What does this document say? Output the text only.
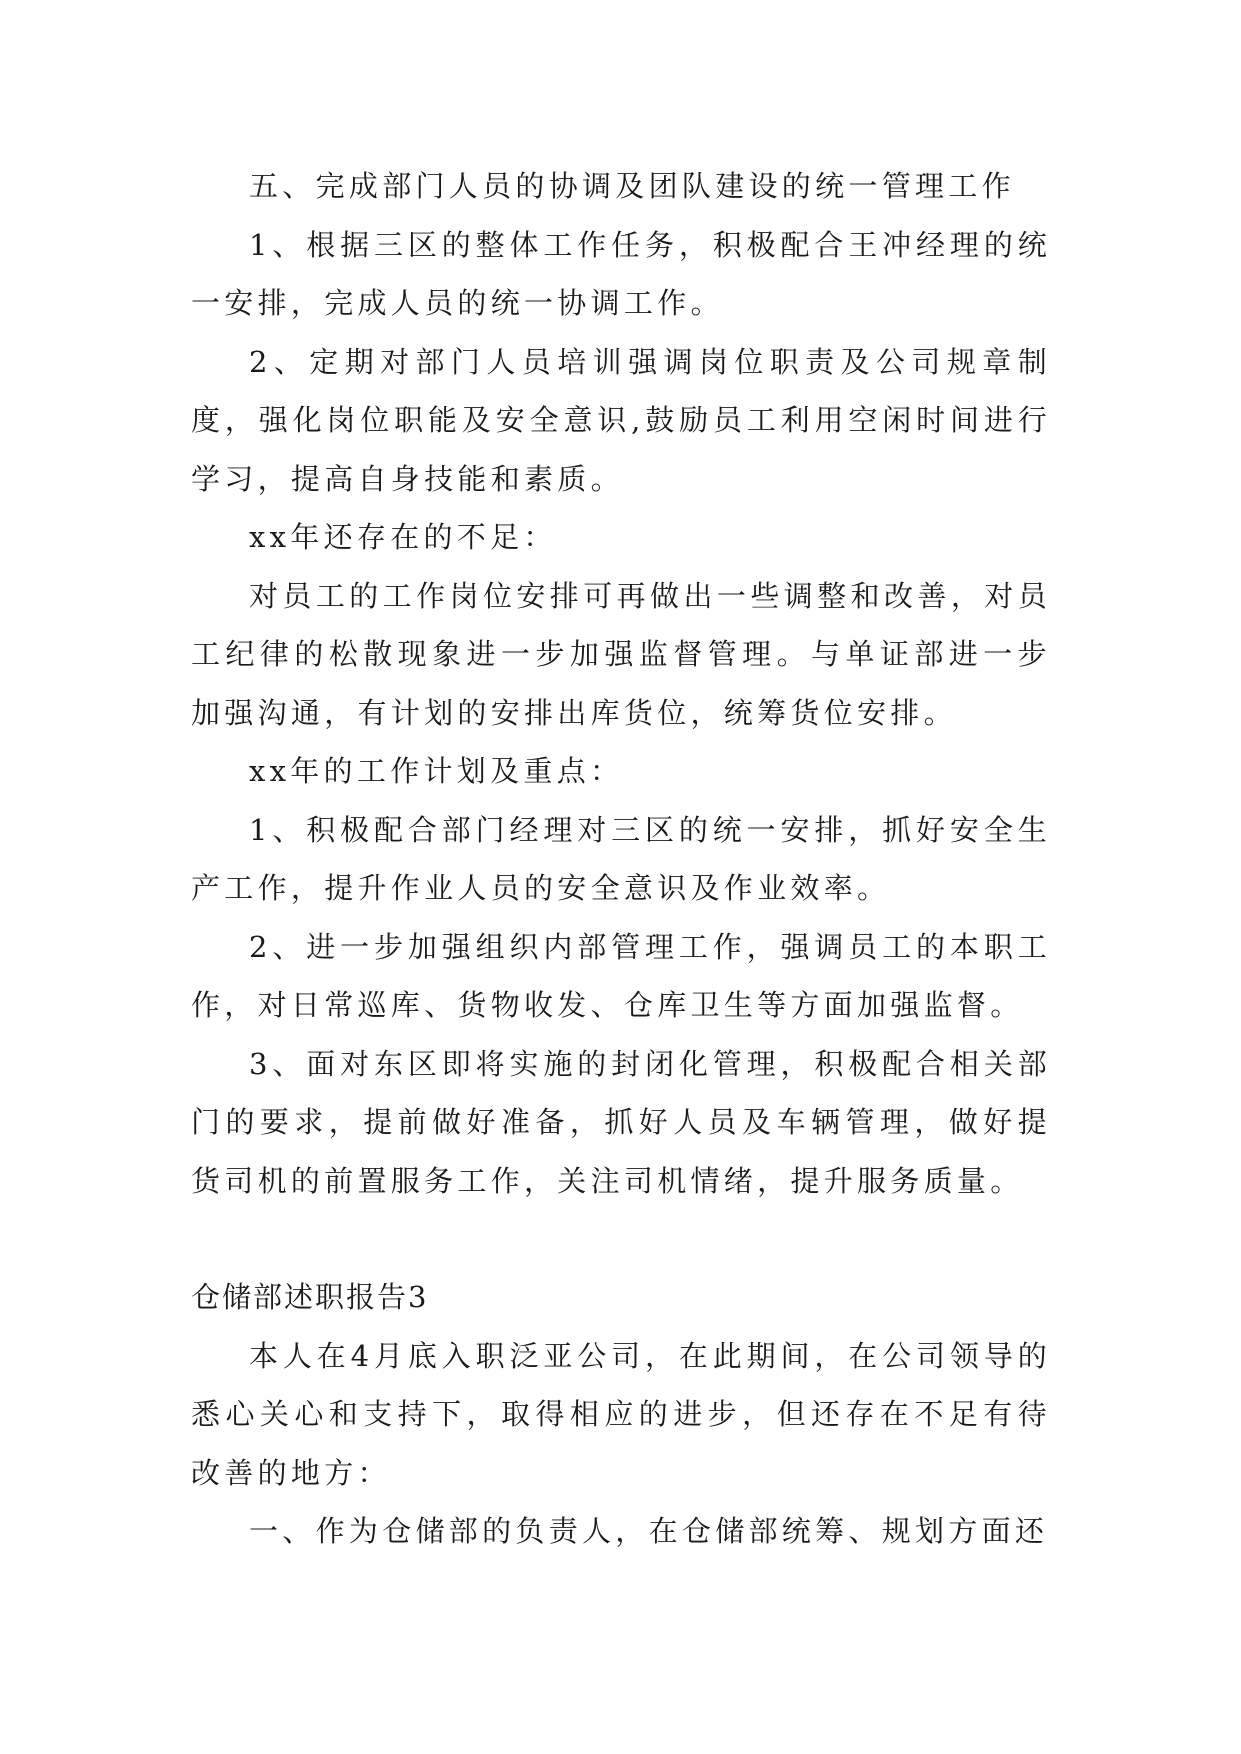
五、完成部门人员的协调及团队建设的统一管理工作

1、根据三区的整体工作任务，积极配合王冲经理的统一安排，完成人员的统一协调工作。

2、定期对部门人员培训强调岗位职责及公司规章制度，强化岗位职能及安全意识,鼓励员工利用空闲时间进行学习，提高自身技能和素质。

xx年还存在的不足：

对员工的工作岗位安排可再做出一些调整和改善，对员工纪律的松散现象进一步加强监督管理。与单证部进一步加强沟通，有计划的安排出库货位，统筹货位安排。

xx年的工作计划及重点：

1、积极配合部门经理对三区的统一安排，抓好安全生产工作，提升作业人员的安全意识及作业效率。

2、进一步加强组织内部管理工作，强调员工的本职工作，对日常巡库、货物收发、仓库卫生等方面加强监督。

3、面对东区即将实施的封闭化管理，积极配合相关部门的要求，提前做好准备，抓好人员及车辆管理，做好提货司机的前置服务工作，关注司机情绪，提升服务质量。

仓储部述职报告3

本人在4月底入职泛亚公司，在此期间，在公司领导的悉心关心和支持下，取得相应的进步，但还存在不足有待改善的地方：

一、作为仓储部的负责人，在仓储部统筹、规划方面还
